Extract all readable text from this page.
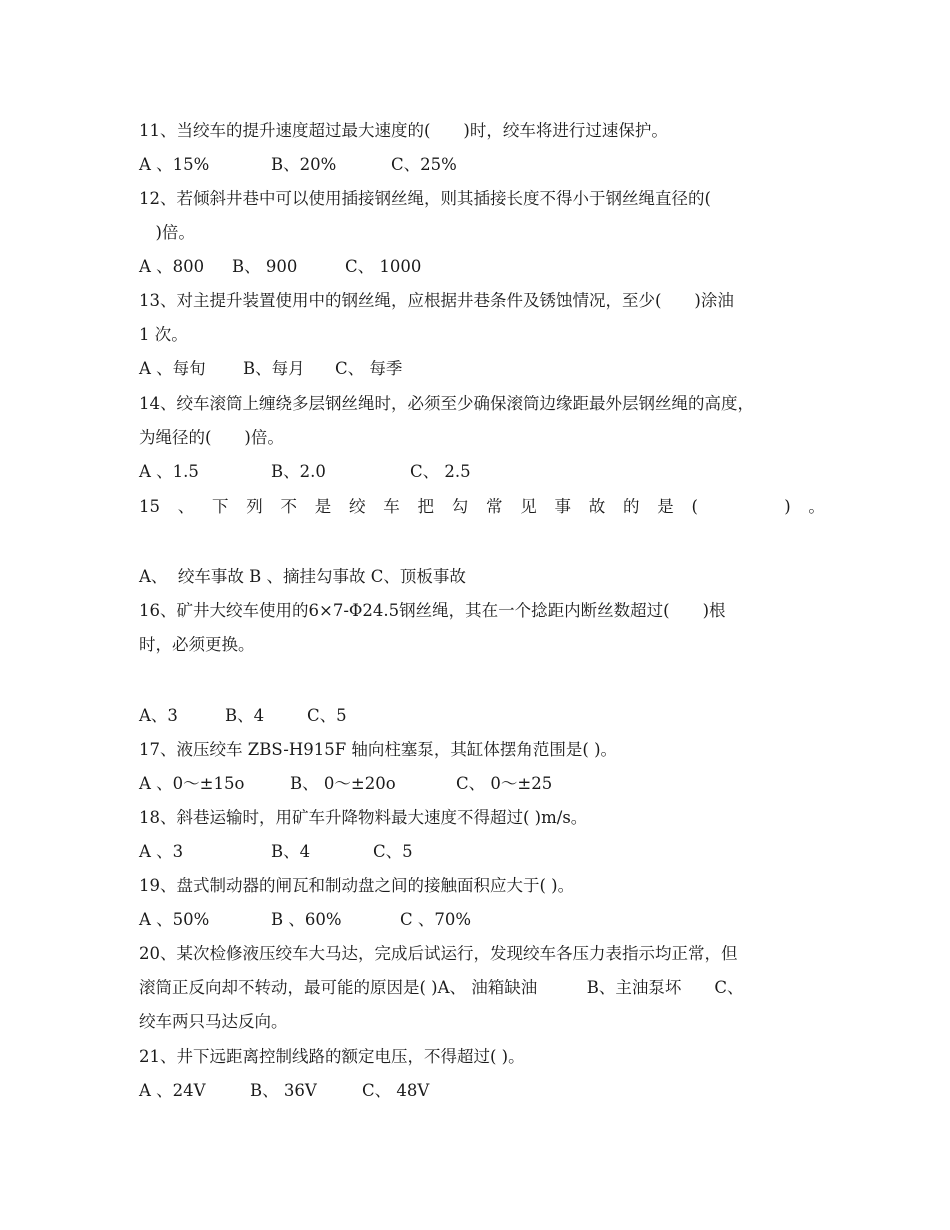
11、当绞车的提升速度超过最大速度的(　　)时，绞车将进行过速保护。
A 、15%	B、20%	C、25%
12、若倾斜井巷中可以使用插接钢丝绳，则其插接长度不得小于钢丝绳直径的(
　)倍。
A 、800 B、 900	C、 1000
13、对主提升装置使用中的钢丝绳，应根据井巷条件及锈蚀情况，至少(　　)涂油
1 次。
A 、每旬 B、每月 C、 每季
14、绞车滚筒上缠绕多层钢丝绳时，必须至少确保滚筒边缘距最外层钢丝绳的高度，
为绳径的(　　)倍。
A 、1.5	B、2.0	C、 2.5
15 、 下 列 不 是 绞 车 把 勾 常 见 事 故 的 是 (

　	) 。
A、  绞车事故 B 、摘挂勾事故 C、顶板事故
16、矿井大绞车使用的6×7-Φ24.5钢丝绳，其在一个捻距内断丝数超过(　　)根
时，必须更换。
A、3	B、4	C、5
17、液压绞车 ZBS-H915F 轴向柱塞泵，其缸体摆角范围是( )。
A 、0～±15o	B、 0～±20o	C、 0～±25
18、斜巷运输时，用矿车升降物料最大速度不得超过( )m/s。
A 、3	B、4	C、5
19、盘式制动器的闸瓦和制动盘之间的接触面积应大于( )。
A 、50%	B 、60%	C 、70%
20、某次检修液压绞车大马达，完成后试运行，发现绞车各压力表指示均正常，但
滚筒正反向却不转动，最可能的原因是( )A、 油箱缺油　　　B、主油泵坏　　C、
绞车两只马达反向。
21、井下远距离控制线路的额定电压，不得超过( )。
A 、24V	B、 36V	C、 48V
